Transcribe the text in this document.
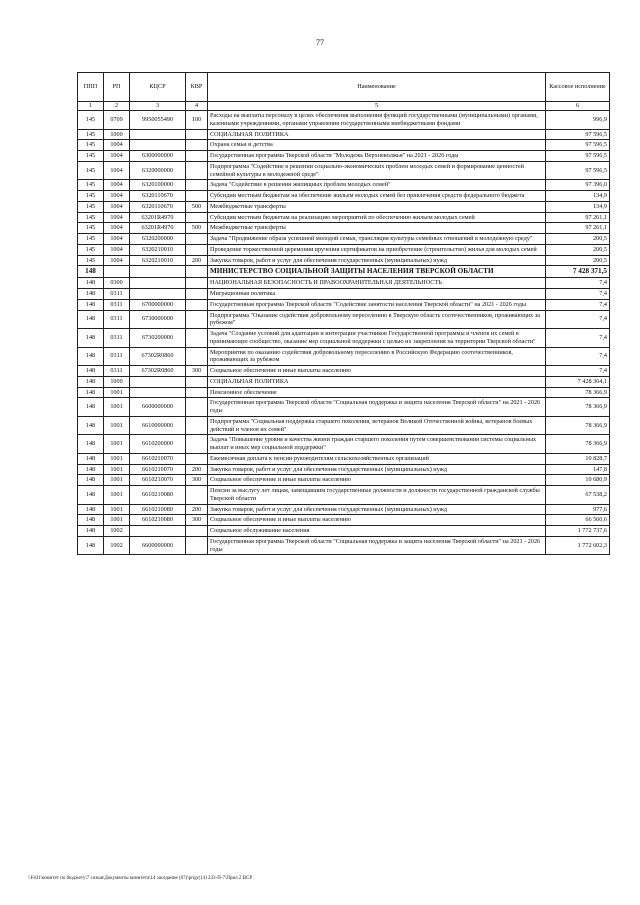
77
ППП	РП	КЦСР	КВР	Наименование	Кассовое исполнение
1	2	3	4	5	6
145	0709	9950055490	100	Расходы на выплаты персоналу в целях обеспечения выполнения функций государственными (муниципальными) органами, казенными учреждениями, органами управления государственными внебюджетными фондами	996,9
145	1000			СОЦИАЛЬНАЯ ПОЛИТИКА	97 596,5
145	1004			Охрана семьи и детства	97 596,5
145	1004	6300000000		Государственная программа Тверской области "Молодежь Верхневолжья" на 2021 - 2026 годы	97 596,5
145	1004	6320000000		Подпрограмма "Содействие в решении социально-экономических проблем молодых семей и формирование ценностей семейной культуры в молодежной среде"	97 596,5
145	1004	6320100000		Задача "Содействие в решении жилищных проблем молодых семей"	97 396,0
145	1004	6320110670		Субсидии местным бюджетам на обеспечение жильем молодых семей без привлечения средств федерального бюджета	134,9
145	1004	6320110670	500	Межбюджетные трансферты	134,9
145	1004	63201R4970		Субсидии местным бюджетам на реализацию мероприятий по обеспечению жильем молодых семей	97 261,1
145	1004	63201R4970	500	Межбюджетные трансферты	97 261,1
145	1004	6320200000		Задача "Продвижение образа успешной молодой семьи, трансляция культуры семейных отношений в молодежную среду"	200,5
145	1004	6320210010		Проведение торжественной церемонии вручения сертификатов на приобретение (строительство) жилья для молодых семей	200,5
145	1004	6320210010	200	Закупка товаров, работ и услуг для обеспечения государственных (муниципальных) нужд	200,5
148				МИНИСТЕРСТВО СОЦИАЛЬНОЙ ЗАЩИТЫ НАСЕЛЕНИЯ ТВЕРСКОЙ ОБЛАСТИ	7 428 371,5
148	0300			НАЦИОНАЛЬНАЯ БЕЗОПАСНОСТЬ И ПРАВООХРАНИТЕЛЬНАЯ ДЕЯТЕЛЬНОСТЬ	7,4
148	0311			Миграционная политика	7,4
148	0311	6700000000		Государственная программа Тверской области "Содействие занятости населения Тверской области" на 2021 - 2026 годы	7,4
148	0311	6730000000		Подпрограмма "Оказание содействия добровольному переселению в Тверскую область соотечественников, проживающих за рубежом"	7,4
148	0311	6730200000		Задача "Создание условий для адаптации и интеграции участников Государственной программы и членов их семей в принимающее сообщество, оказание мер социальной поддержки с целью их закрепления на территории Тверской области"	7,4
148	0311	67302R0860		Мероприятия по оказанию содействия добровольному переселению в Российскую Федерацию соотечественников, проживающих за рубежом	7,4
148	0311	67302R0860	300	Социальное обеспечение и иные выплаты населению	7,4
148	1000			СОЦИАЛЬНАЯ ПОЛИТИКА	7 428 364,1
148	1001			Пенсионное обеспечение	78 366,9
148	1001	6600000000		Государственная программа Тверской области "Социальная поддержка и защита населения Тверской области" на 2021 - 2026 годы	78 366,9
148	1001	6610000000		Подпрограмма "Социальная поддержка старшего поколения, ветеранов Великой Отечественной войны, ветеранов боевых действий и членов их семей"	78 366,9
148	1001	6610200000		Задача "Повышение уровня и качества жизни граждан старшего поколения путем совершенствования системы социальных выплат и иных мер социальной поддержки"	78 366,9
148	1001	6610210070		Ежемесячная доплата к пенсии руководителям сельскохозяйственных организаций	10 828,7
148	1001	6610210070	200	Закупка товаров, работ и услуг для обеспечения государственных (муниципальных) нужд	147,8
148	1001	6610210070	300	Социальное обеспечение и иные выплаты населению	10 680,9
148	1001	6610210080		Пенсии за выслугу лет лицам, замещавшим государственные должности и должности государственной гражданской службы Тверской области	67 538,2
148	1001	6610210080	200	Закупка товаров, работ и услуг для обеспечения государственных (муниципальных) нужд	977,6
148	1001	6610210080	300	Социальное обеспечение и иные выплаты населению	66 560,6
148	1002			Социальное обслуживание населения	1 772 737,6
148	1002	6600000000		Государственная программа Тверской области "Социальная поддержка и защита населения Тверской области" на 2021 - 2026 годы	1 772 602,3
\\Fs01\комитет по бюджету\7 созыв\Документы комитета\14 заседание (07)\prigr(14) 233-П-7\Прил 2 ВСР
